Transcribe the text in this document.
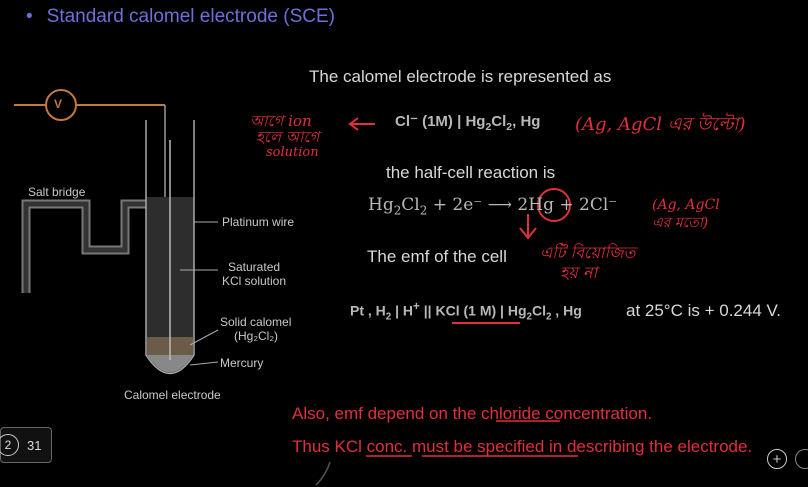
• Standard calomel electrode (SCE)
V
Salt bridge
Platinum wire
Saturated
KCl solution
Solid calomel
(Hg₂Cl₂)
Mercury
Calomel electrode
The calomel electrode is represented as
Cl⁻ (1M) | $Hg_2Cl_2$, Hg
the half-cell reaction is
$Hg_2Cl_2 + 2e^-$ ⟶ 2Hg + 2Cl⁻
The emf of the cell
Pt , $H_2$ | H+ || KCl (1 M) | $Hg_2Cl_2$ , Hg	at 25°C is + 0.244 V.
Also, emf depend on the chloride concentration.
Thus KCl conc. must be specified in describing the electrode.
আগে ion
হলে আগে
solution
(Ag, AgCl এর উল্টো)
(Ag, AgCl
এর মতো)
এটি বিয়োজিত
হয় না
2	31
+
